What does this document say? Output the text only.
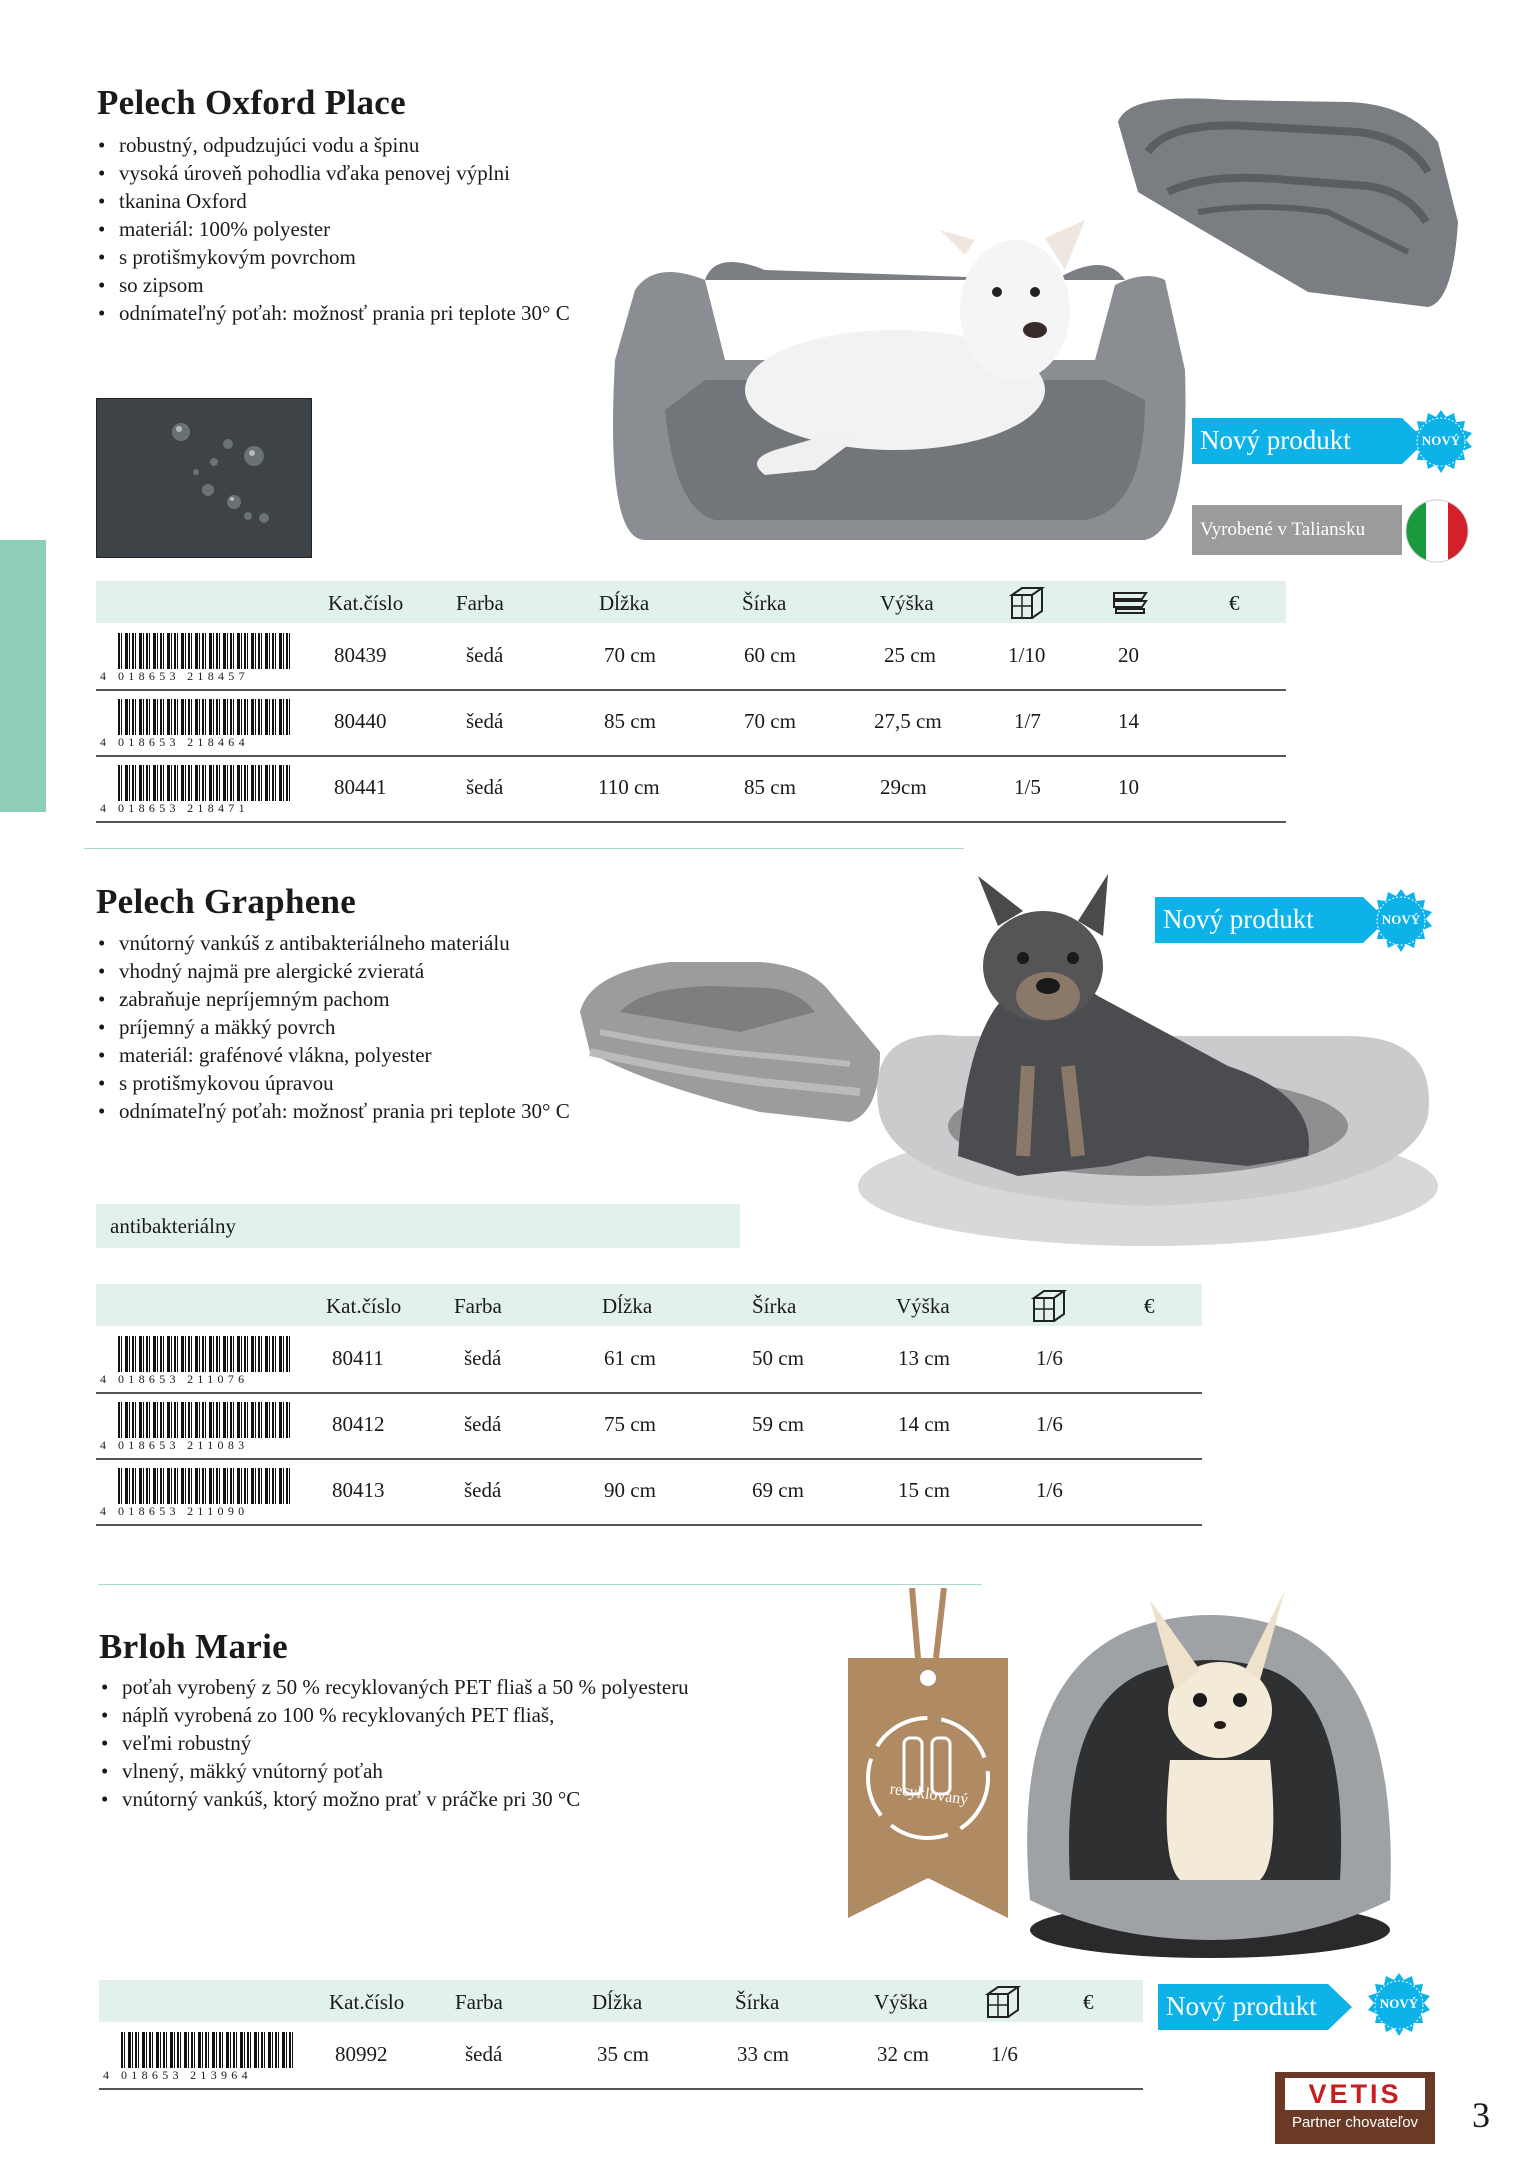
Pelech Oxford Place
• robustný, odpudzujúci vodu a špinu
• vysoká úroveň pohodlia vďaka penovej výplni
• tkanina Oxford
• materiál: 100% polyester
• s protišmykovým povrchom
• so zipsom
• odnímateľný poťah: možnosť prania pri teplote 30° C
Nový produkt	NOVÝ
Vyrobené v Taliansku
Kat.číslo	Farba	Dĺžka	Šírka	Výška	€
4 018653 218457
80439	šedá	70 cm	60 cm	25 cm	1/10	20
4 018653 218464
80440	šedá	85 cm	70 cm	27,5 cm	1/7	14
4 018653 218471
80441	šedá	110 cm	85 cm	29cm	1/5	10
Pelech Graphene
• vnútorný vankúš z antibakteriálneho materiálu
• vhodný najmä pre alergické zvieratá
• zabraňuje nepríjemným pachom
• príjemný a mäkký povrch
• materiál: grafénové vlákna, polyester
• s protišmykovou úpravou
• odnímateľný poťah: možnosť prania pri teplote 30° C
Nový produkt	NOVÝ
antibakteriálny
Kat.číslo	Farba	Dĺžka	Šírka	Výška	€
4 018653 211076
80411	šedá	61 cm	50 cm	13 cm	1/6
4 018653 211083
80412	šedá	75 cm	59 cm	14 cm	1/6
4 018653 211090
80413	šedá	90 cm	69 cm	15 cm	1/6
Brloh Marie
• poťah vyrobený z 50 % recyklovaných PET fliaš a 50 % polyesteru
• náplň vyrobená zo 100 % recyklovaných PET fliaš,
• veľmi robustný
• vlnený, mäkký vnútorný poťah
• vnútorný vankúš, ktorý možno prať v práčke pri 30 °C	recyklovaný
Kat.číslo Farba	Dĺžka	Šírka	Výška	€
4 018653 213964
80992	šedá	35 cm	33 cm	32 cm	1/6
Nový produkt	NOVÝ
VETIS
Partner chovateľov	3
